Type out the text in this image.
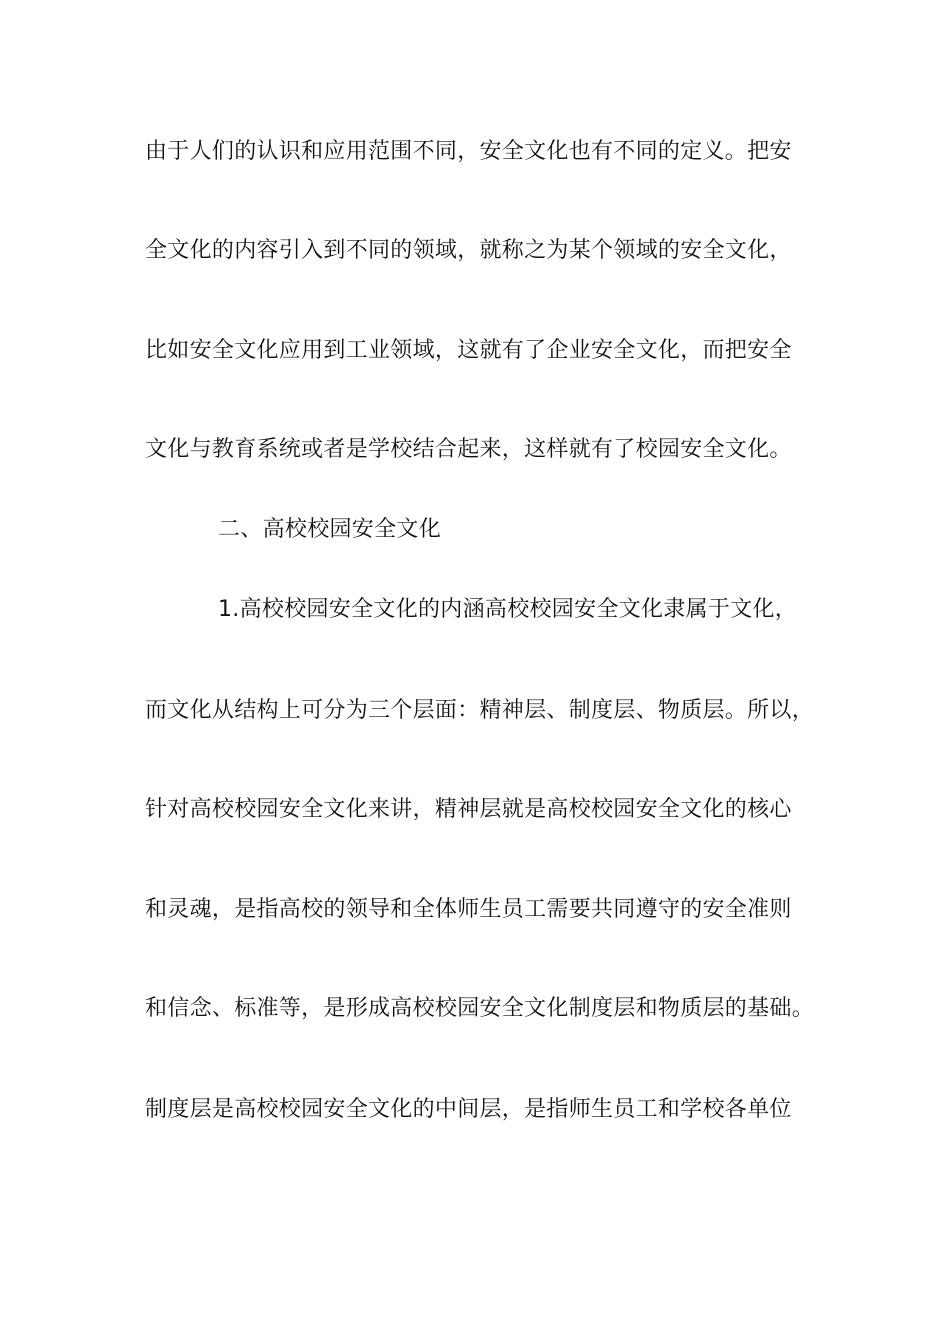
由于人们的认识和应用范围不同，安全文化也有不同的定义。把安
全文化的内容引入到不同的领域，就称之为某个领域的安全文化，
比如安全文化应用到工业领域，这就有了企业安全文化，而把安全
文化与教育系统或者是学校结合起来，这样就有了校园安全文化。
二、高校校园安全文化
1.高校校园安全文化的内涵高校校园安全文化隶属于文化，
而文化从结构上可分为三个层面：精神层、制度层、物质层。所以，
针对高校校园安全文化来讲，精神层就是高校校园安全文化的核心
和灵魂，是指高校的领导和全体师生员工需要共同遵守的安全准则
和信念、标准等，是形成高校校园安全文化制度层和物质层的基础。
制度层是高校校园安全文化的中间层，是指师生员工和学校各单位
